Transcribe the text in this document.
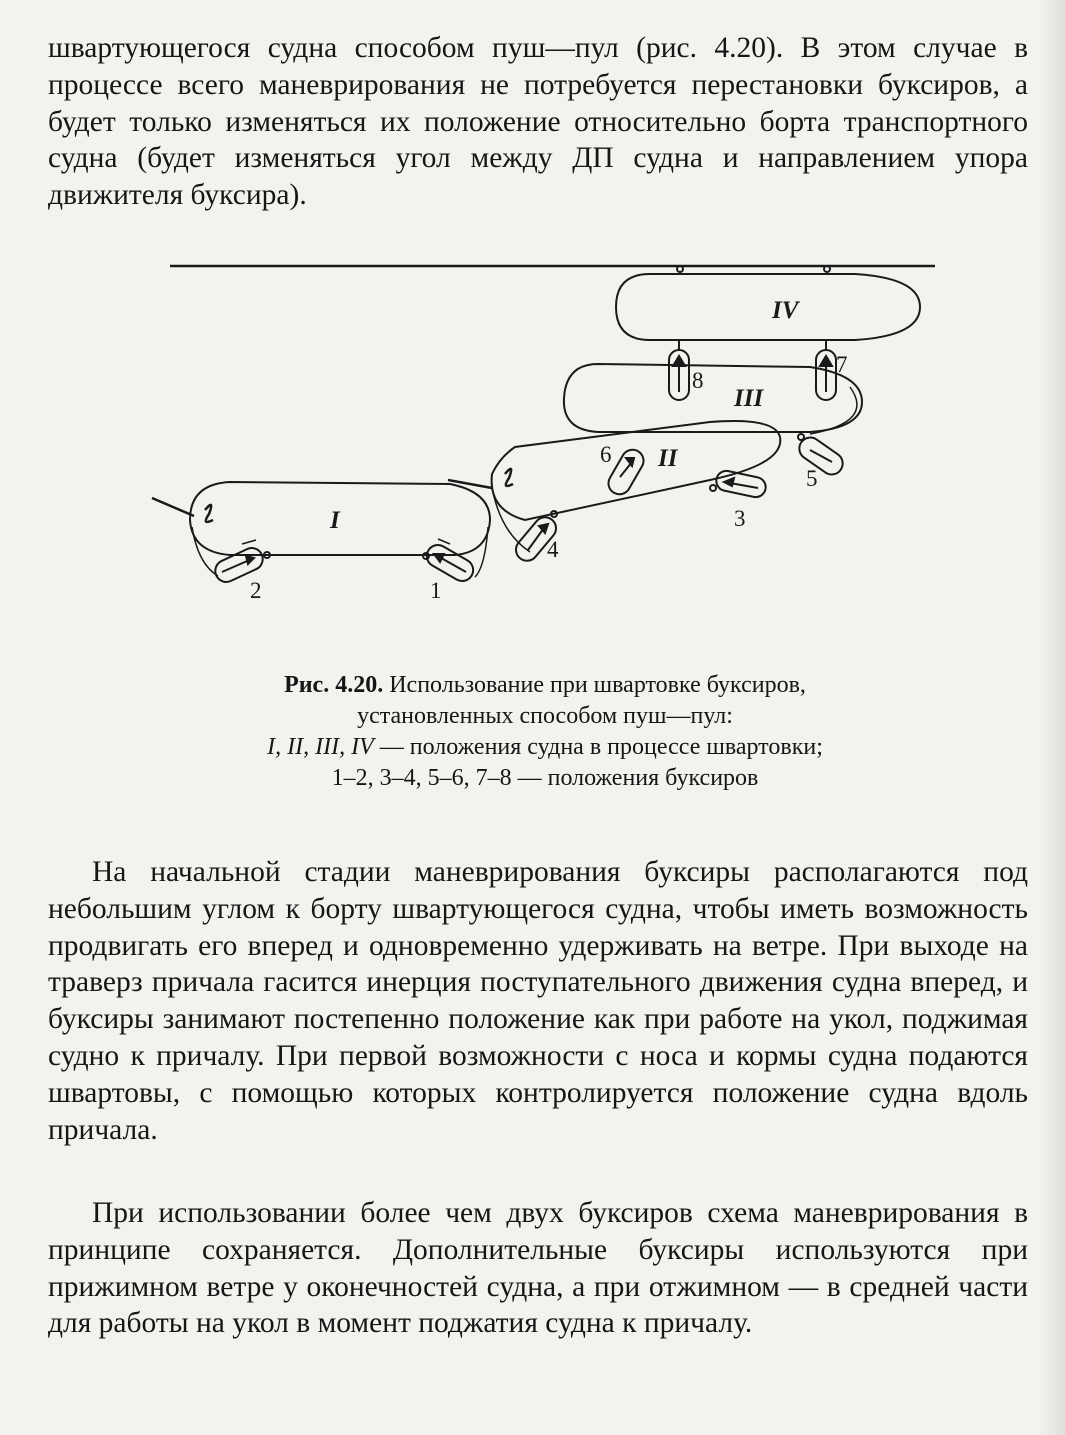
швартующегося судна способом пуш—пул (рис. 4.20). В этом случае в процессе всего маневрирования не потребуется перестановки буксиров, а будет только изменяться их положение относительно борта транспортного судна (будет изменяться угол между ДП судна и направлением упора движителя буксира).

IV
8
7
III
II
6
5
3
4
I
2	1
Рис. 4.20. Использование при швартовке буксиров,
установленных способом пуш—пул:
I, II, III, IV — положения судна в процессе швартовки;
1–2, 3–4, 5–6, 7–8 — положения буксиров

На начальной стадии маневрирования буксиры располагаются под небольшим углом к борту швартующегося судна, чтобы иметь возможность продвигать его вперед и одновременно удерживать на ветре. При выходе на траверз причала гасится инерция поступательного движения судна вперед, и буксиры занимают постепенно положение как при работе на укол, поджимая судно к причалу. При первой возможности с носа и кормы судна подаются швартовы, с помощью которых контролируется положение судна вдоль причала.

При использовании более чем двух буксиров схема маневрирования в принципе сохраняется. Дополнительные буксиры используются при прижимном ветре у оконечностей судна, а при отжимном — в средней части для работы на укол в момент поджатия судна к причалу.
